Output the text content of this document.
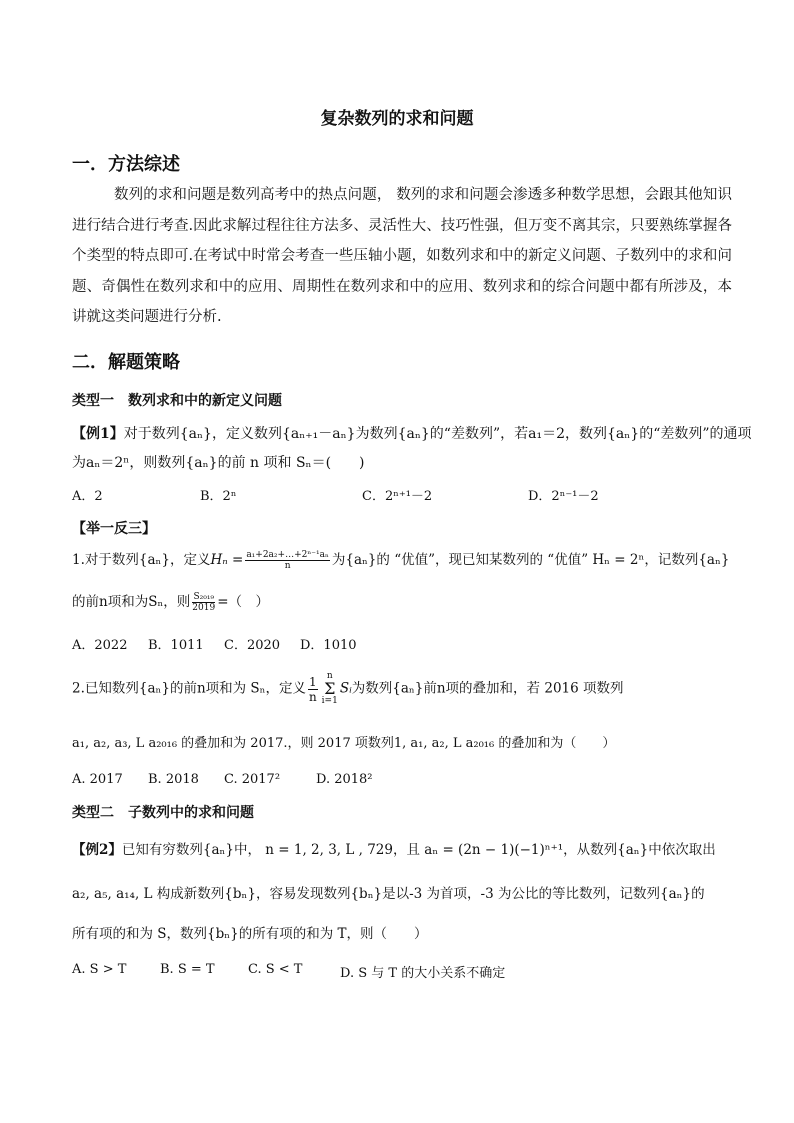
复杂数列的求和问题
一．方法综述
数列的求和问题是数列高考中的热点问题， 数列的求和问题会渗透多种数学思想，会跟其他知识进行结合进行考查.因此求解过程往往方法多、灵活性大、技巧性强，但万变不离其宗，只要熟练掌握各个类型的特点即可.在考试中时常会考查一些压轴小题，如数列求和中的新定义问题、子数列中的求和问题、奇偶性在数列求和中的应用、周期性在数列求和中的应用、数列求和的综合问题中都有所涉及，本讲就这类问题进行分析.
二．解题策略
类型一　数列求和中的新定义问题
【例1】对于数列{aₙ}，定义数列{aₙ₊₁－aₙ}为数列{aₙ}的“差数列”，若a₁＝2，数列{aₙ}的“差数列”的通项
为aₙ＝2ⁿ，则数列{aₙ}的前 n 项和 Sₙ＝(　　)
A．2	B．2ⁿ	C．2ⁿ⁺¹－2	D．2ⁿ⁻¹－2
【举一反三】
1.对于数列{aₙ}，定义$H_n = \frac{\text{a₁+2a₂+…+2ⁿ⁻¹aₙ}}{n}$ 为{aₙ}的 “优值”，现已知某数列的 “优值” Hₙ = 2ⁿ，记数列{aₙ}
的前n项和为Sₙ，则 $\frac{\text{S₂₀₁₉}}{2019}$ =（　）
A．2022 B．1011 C．2020 D．1010
2.已知数列{aₙ}的前n项和为 Sₙ，定义 $\frac{1}{n}$ n
Σ
i=1Sᵢ为数列{aₙ}前n项的叠加和，若 2016 项数列
a₁, a₂, a₃, L a₂₀₁₆ 的叠加和为 2017.，则 2017 项数列1, a₁, a₂, L a₂₀₁₆ 的叠加和为（　　）
A. 2017 B. 2018 C. 2017²	D. 2018²
类型二　子数列中的求和问题
【例2】已知有穷数列{aₙ}中， n = 1, 2, 3, L , 729，且 aₙ = (2n − 1)(−1)ⁿ⁺¹，从数列{aₙ}中依次取出
a₂, a₅, a₁₄, L 构成新数列{bₙ}，容易发现数列{bₙ}是以-3 为首项，-3 为公比的等比数列，记数列{aₙ}的
所有项的和为 S，数列{bₙ}的所有项的和为 T，则（　　）
A. S > T	B. S = T	C. S < T	D. S 与 T 的大小关系不确定
